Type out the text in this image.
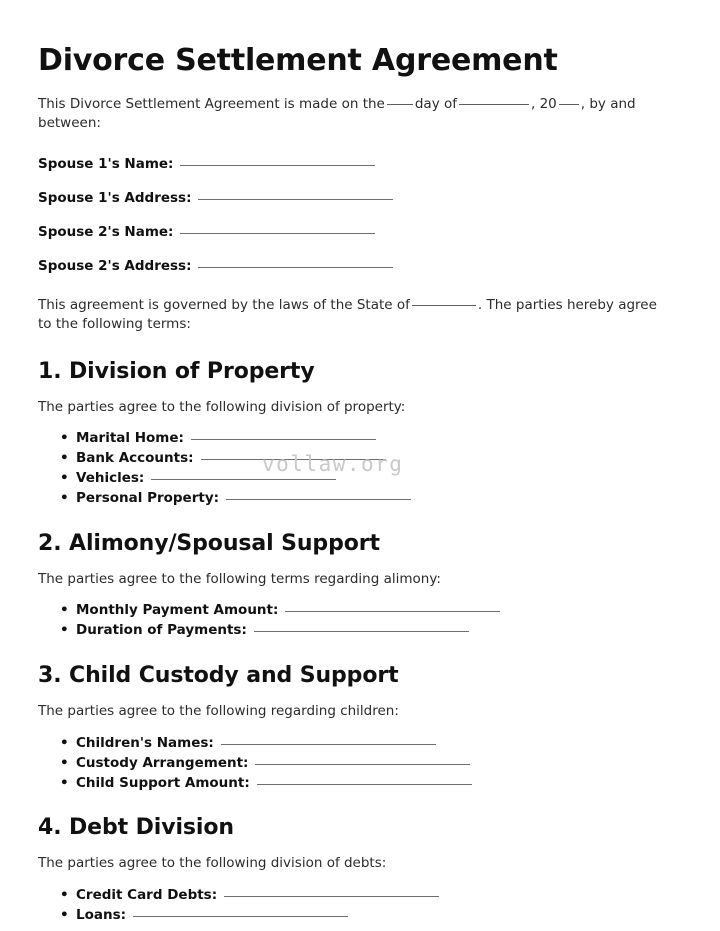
vollaw.org
Divorce Settlement Agreement

This Divorce Settlement Agreement is made on the day of	, 20 , by and between:

Spouse 1's Name:
Spouse 1's Address:
Spouse 2's Name:
Spouse 2's Address:

This agreement is governed by the laws of the State of	. The parties hereby agree to the following terms:

1. Division of Property

The parties agree to the following division of property:

• Marital Home:
• Bank Accounts:
• Vehicles:
• Personal Property:
2. Alimony/Spousal Support

The parties agree to the following terms regarding alimony:

• Monthly Payment Amount:
• Duration of Payments:
3. Child Custody and Support

The parties agree to the following regarding children:

• Children's Names:
• Custody Arrangement:
• Child Support Amount:
4. Debt Division

The parties agree to the following division of debts:

• Credit Card Debts:
• Loans:
